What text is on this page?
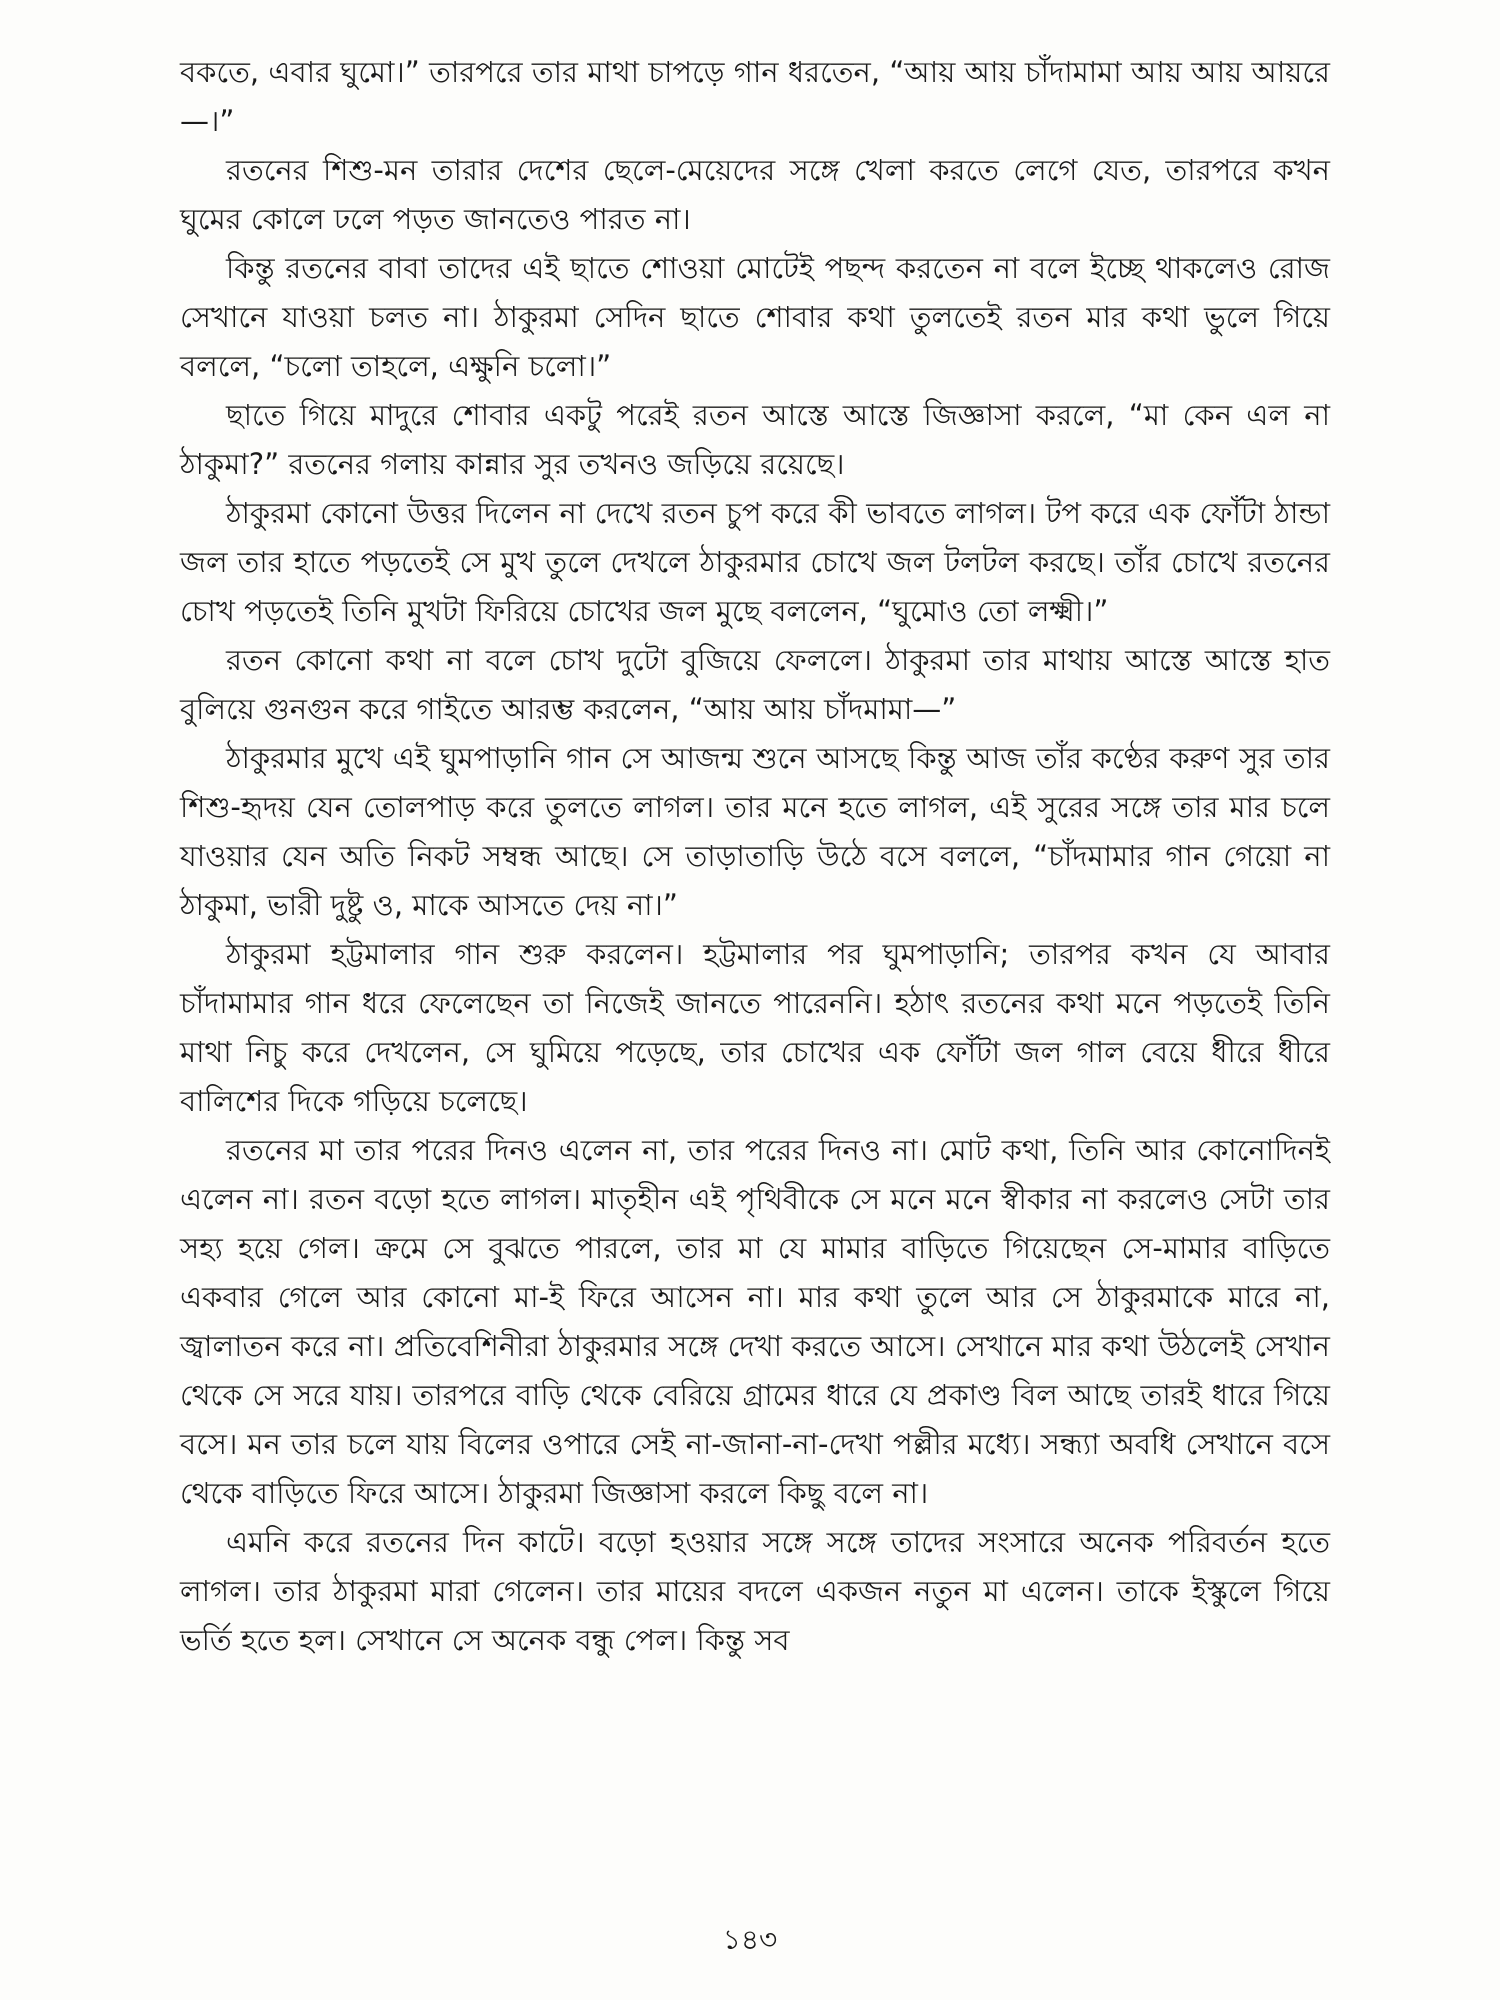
বকতে, এবার ঘুমো।” তারপরে তার মাথা চাপড়ে গান ধরতেন, “আয় আয় চাঁদামামা আয় আয় আয়রে—।”

রতনের শিশু-মন তারার দেশের ছেলে-মেয়েদের সঙ্গে খেলা করতে লেগে যেত, তারপরে কখন ঘুমের কোলে ঢলে পড়ত জানতেও পারত না।

কিন্তু রতনের বাবা তাদের এই ছাতে শোওয়া মোটেই পছন্দ করতেন না বলে ইচ্ছে থাকলেও রোজ সেখানে যাওয়া চলত না। ঠাকুরমা সেদিন ছাতে শোবার কথা তুলতেই রতন মার কথা ভুলে গিয়ে বললে, “চলো তাহলে, এক্ষুনি চলো।”

ছাতে গিয়ে মাদুরে শোবার একটু পরেই রতন আস্তে আস্তে জিজ্ঞাসা করলে, “মা কেন এল না ঠাকুমা?” রতনের গলায় কান্নার সুর তখনও জড়িয়ে রয়েছে।

ঠাকুরমা কোনো উত্তর দিলেন না দেখে রতন চুপ করে কী ভাবতে লাগল। টপ করে এক ফোঁটা ঠান্ডা জল তার হাতে পড়তেই সে মুখ তুলে দেখলে ঠাকুরমার চোখে জল টলটল করছে। তাঁর চোখে রতনের চোখ পড়তেই তিনি মুখটা ফিরিয়ে চোখের জল মুছে বললেন, “ঘুমোও তো লক্ষ্মী।”

রতন কোনো কথা না বলে চোখ দুটো বুজিয়ে ফেললে। ঠাকুরমা তার মাথায় আস্তে আস্তে হাত বুলিয়ে গুনগুন করে গাইতে আরম্ভ করলেন, “আয় আয় চাঁদমামা—”

ঠাকুরমার মুখে এই ঘুমপাড়ানি গান সে আজন্ম শুনে আসছে কিন্তু আজ তাঁর কণ্ঠের করুণ সুর তার শিশু-হৃদয় যেন তোলপাড় করে তুলতে লাগল। তার মনে হতে লাগল, এই সুরের সঙ্গে তার মার চলে যাওয়ার যেন অতি নিকট সম্বন্ধ আছে। সে তাড়াতাড়ি উঠে বসে বললে, “চাঁদমামার গান গেয়ো না ঠাকুমা, ভারী দুষ্টু ও, মাকে আসতে দেয় না।”

ঠাকুরমা হট্টমালার গান শুরু করলেন। হট্টমালার পর ঘুমপাড়ানি; তারপর কখন যে আবার চাঁদামামার গান ধরে ফেলেছেন তা নিজেই জানতে পারেননি। হঠাৎ রতনের কথা মনে পড়তেই তিনি মাথা নিচু করে দেখলেন, সে ঘুমিয়ে পড়েছে, তার চোখের এক ফোঁটা জল গাল বেয়ে ধীরে ধীরে বালিশের দিকে গড়িয়ে চলেছে।

রতনের মা তার পরের দিনও এলেন না, তার পরের দিনও না। মোট কথা, তিনি আর কোনোদিনই এলেন না। রতন বড়ো হতে লাগল। মাতৃহীন এই পৃথিবীকে সে মনে মনে স্বীকার না করলেও সেটা তার সহ্য হয়ে গেল। ক্রমে সে বুঝতে পারলে, তার মা যে মামার বাড়িতে গিয়েছেন সে-মামার বাড়িতে একবার গেলে আর কোনো মা-ই ফিরে আসেন না। মার কথা তুলে আর সে ঠাকুরমাকে মারে না, জ্বালাতন করে না। প্রতিবেশিনীরা ঠাকুরমার সঙ্গে দেখা করতে আসে। সেখানে মার কথা উঠলেই সেখান থেকে সে সরে যায়। তারপরে বাড়ি থেকে বেরিয়ে গ্রামের ধারে যে প্রকাণ্ড বিল আছে তারই ধারে গিয়ে বসে। মন তার চলে যায় বিলের ওপারে সেই না-জানা-না-দেখা পল্লীর মধ্যে। সন্ধ্যা অবধি সেখানে বসে থেকে বাড়িতে ফিরে আসে। ঠাকুরমা জিজ্ঞাসা করলে কিছু বলে না।

এমনি করে রতনের দিন কাটে। বড়ো হওয়ার সঙ্গে সঙ্গে তাদের সংসারে অনেক পরিবর্তন হতে লাগল। তার ঠাকুরমা মারা গেলেন। তার মায়ের বদলে একজন নতুন মা এলেন। তাকে ইস্কুলে গিয়ে ভর্তি হতে হল। সেখানে সে অনেক বন্ধু পেল। কিন্তু সব

১৪৩
